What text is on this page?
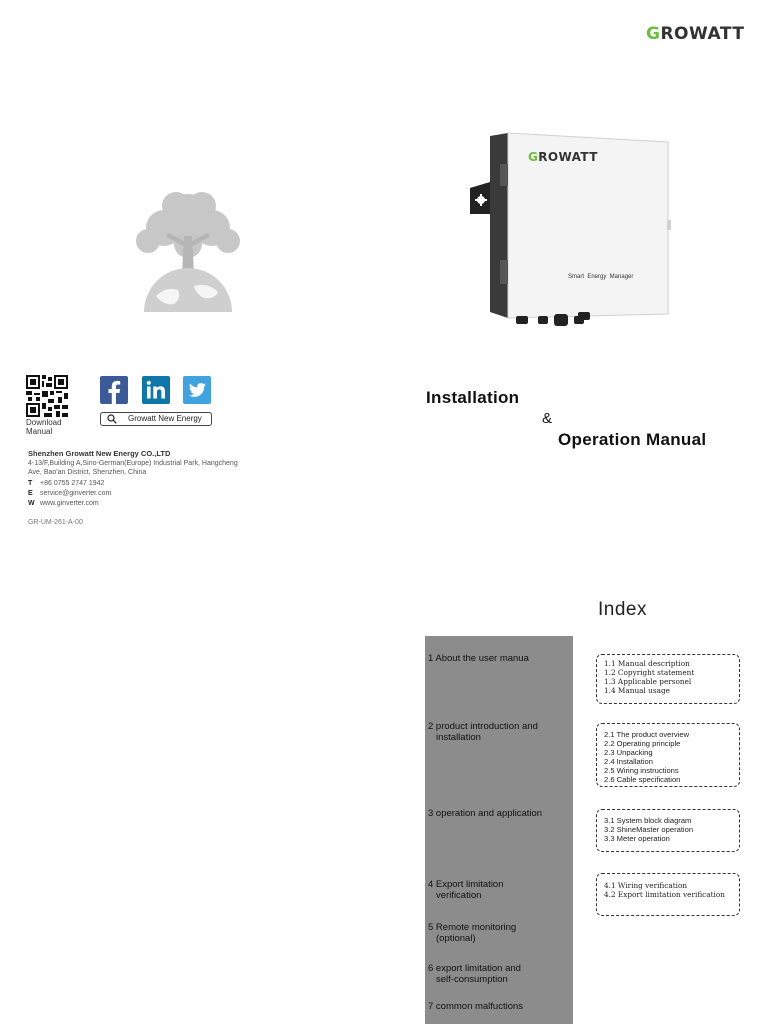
GROWATT
Download Manual
Growatt New Energy
Shenzhen Growatt New Energy CO.,LTD
4-13/F,Building A,Sino-German(Europe) Industrial Park, Hangcheng Ave, Bao'an District, Shenzhen, China
T +86 0755 2747 1942
E service@ginverter.com
W www.ginverter.com
GR-UM-261-A-00
GROWATT
Smart  Energy  Manager
Installation
&
Operation Manual
Index
1 About the user manua
2 product introduction and
installation
3 operation and application
4 Export limitation
verification
5 Remote monitoring
(optional)
6 export limitation and
self-consumption
7 common malfuctions
1.1 Manual description
1.2 Copyright statement
1.3 Applicable personel
1.4 Manual usage
2.1 The product overview
2.2 Operating principle
2.3 Unpacking
2.4 Installation
2.5 Wiring instructions
2.6 Cable specification
3.1 System block diagram
3.2 ShineMaster operation
3.3 Meter operation
4.1 Wiring verification
4.2 Export limitation verification
